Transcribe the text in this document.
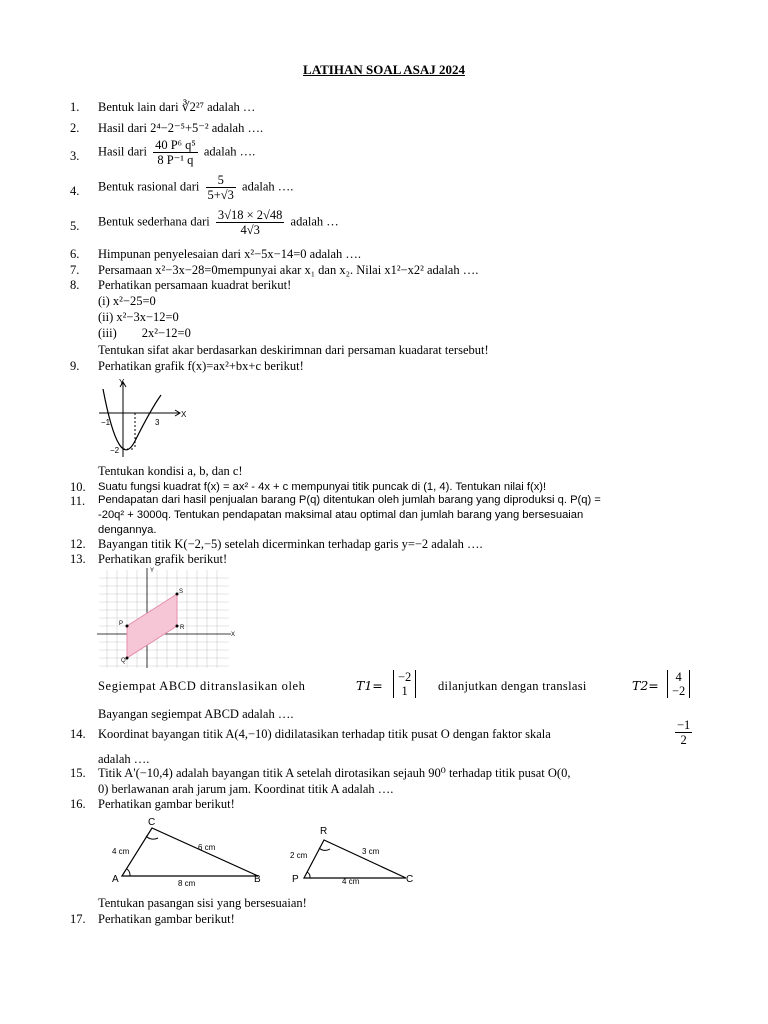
LATIHAN SOAL ASAJ 2024
1.	Bentuk lain dari ∛2²⁷ adalah …
2.	Hasil dari 2⁴−2⁻⁵+5⁻² adalah ….
3.	Hasil dari $\frac{\text{40 P⁶ q⁵}}{\text{8 P⁻¹ q}}$ adalah ….
4.	Bentuk rasional dari $\frac{5}{5+√3}$ adalah ….
5.	Bentuk sederhana dari $\frac{3√18 \times 2√48}{4√3}$ adalah …
6.	Himpunan penyelesaian dari x²−5x−14=0 adalah ….
7.	Persamaan x²−3x−28=0mempunyai akar x₁ dan x₂. Nilai x1²−x2² adalah ….
8.	Perhatikan persamaan kuadrat berikut!
(i) x²−25=0
(ii) x²−3x−12=0
(iii)        2x²−12=0
Tentukan sifat akar berdasarkan deskirimnan dari persaman kuadarat tersebut!
9.	Perhatikan grafik f(x)=ax²+bx+c berikut!
Y
X
−1	3
−2
Tentukan kondisi a, b, dan c!
10.	Suatu fungsi kuadrat f(x) = ax² - 4x + c mempunyai titik puncak di (1, 4). Tentukan nilai f(x)!
11.	Pendapatan dari hasil penjualan barang P(q) ditentukan oleh jumlah barang yang diproduksi q. P(q) =
-20q² + 3000q. Tentukan pendapatan maksimal atau optimal dan jumlah barang yang bersesuaian
dengannya.
12. Bayangan titik K(−2,−5) setelah dicerminkan terhadap garis y=−2 adalah ….
13. Perhatikan grafik berikut!
S
P
R
Q
X
Y
Segiempat ABCD ditranslasikan oleh	T1=
−2
1 dilanjutkan dengan translasi	T2=
4
−2
Bayangan segiempat ABCD adalah ….
14. Koordinat bayangan titik A(4,−10) didilatasikan terhadap titik pusat O dengan faktor skala	$\frac{-1}{2}$
adalah ….
15. Titik A'(−10,4) adalah bayangan titik A setelah dirotasikan sejauh 90⁰ terhadap titik pusat O(0,
0) berlawanan arah jarum jam. Koordinat titik A adalah ….
16. Perhatikan gambar berikut!
C
A	B
4 cm	6 cm
8 cm
R
P	C
2 cm	3 cm
4 cm
Tentukan pasangan sisi yang bersesuaian!
17. Perhatikan gambar berikut!
